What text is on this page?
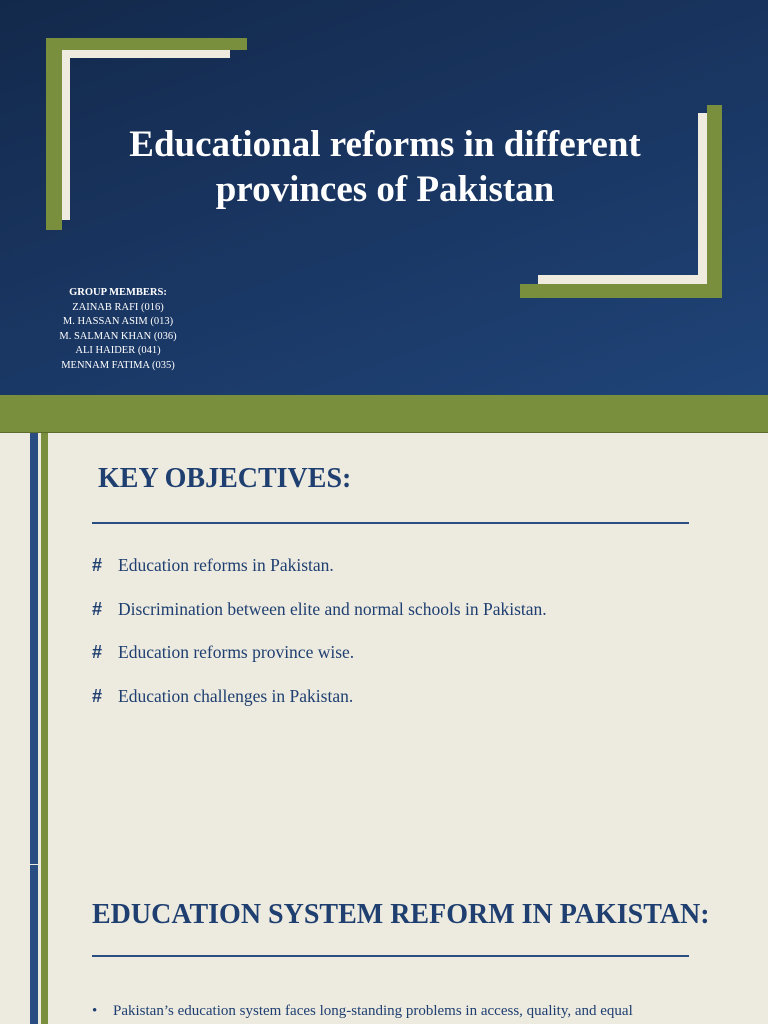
Educational reforms in different
provinces of Pakistan
GROUP MEMBERS:
ZAINAB RAFI (016)
M. HASSAN ASIM (013)
M. SALMAN KHAN (036)
ALI HAIDER (041)
MENNAM FATIMA (035)
KEY OBJECTIVES:
# Education reforms in Pakistan.
# Discrimination between elite and normal schools in Pakistan.
# Education reforms province wise.
# Education challenges in Pakistan.
EDUCATION SYSTEM REFORM IN PAKISTAN:
• Pakistan’s education system faces long-standing problems in access, quality, and equal
